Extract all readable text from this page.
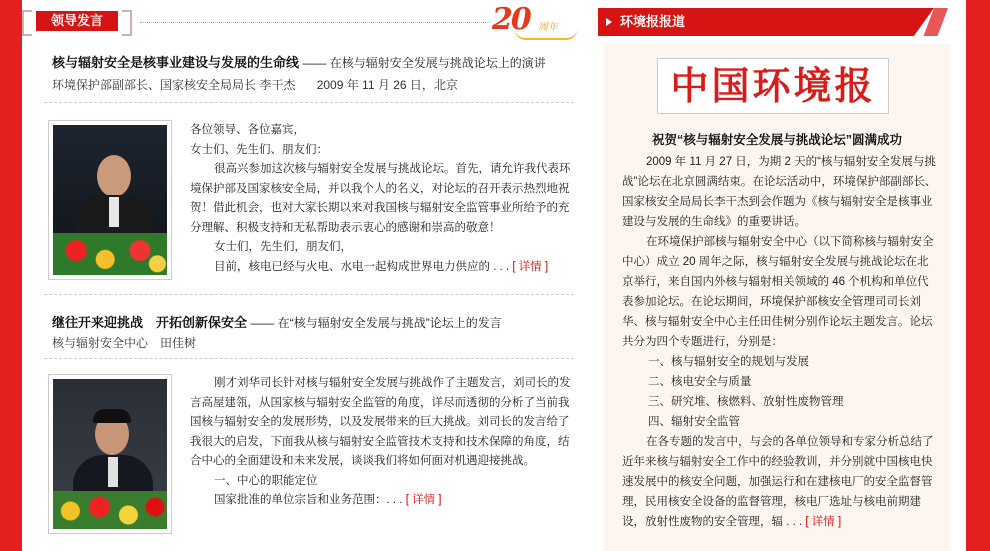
领导发言	20 周年
核与辐射安全是核事业建设与发展的生命线 —— 在核与辐射安全发展与挑战论坛上的演讲
环境保护部副部长、国家核安全局局长 李干杰 2009 年 11 月 26 日，北京

各位领导、各位嘉宾，

女士们、先生们、朋友们：

很高兴参加这次核与辐射安全发展与挑战论坛。首先，请允许我代表环境保护部及国家核安全局，并以我个人的名义，对论坛的召开表示热烈地祝贺！借此机会，也对大家长期以来对我国核与辐射安全监管事业所给予的充分理解、积极支持和无私帮助表示衷心的感谢和崇高的敬意！

女士们，先生们，朋友们，

目前，核电已经与火电、水电一起构成世界电力供应的 . . . [ 详情 ]

继往开来迎挑战　开拓创新保安全 —— 在“核与辐射安全发展与挑战”论坛上的发言
核与辐射安全中心　田佳树

刚才刘华司长针对核与辐射安全发展与挑战作了主题发言，刘司长的发言高屋建瓴，从国家核与辐射安全监管的角度，详尽而透彻的分析了当前我国核与辐射安全的发展形势，以及发展带来的巨大挑战。刘司长的发言给了我很大的启发，下面我从核与辐射安全监管技术支持和技术保障的角度，结合中心的全面建设和未来发展，谈谈我们将如何面对机遇迎接挑战。

一、中心的职能定位

国家批准的单位宗旨和业务范围：. . . [ 详情 ]

环境报报道
中国环境报
祝贺“核与辐射安全发展与挑战论坛”圆满成功

2009 年 11 月 27 日，为期 2 天的“核与辐射安全发展与挑战”论坛在北京圆满结束。在论坛活动中，环境保护部副部长、国家核安全局局长李干杰到会作题为《核与辐射安全是核事业建设与发展的生命线》的重要讲话。

在环境保护部核与辐射安全中心（以下简称核与辐射安全中心）成立 20 周年之际，核与辐射安全发展与挑战论坛在北京举行，来自国内外核与辐射相关领域的 46 个机构和单位代表参加论坛。在论坛期间，环境保护部核安全管理司司长刘华、核与辐射安全中心主任田佳树分别作论坛主题发言。论坛共分为四个专题进行，分别是：

一、核与辐射安全的规划与发展

二、核电安全与质量

三、研究堆、核燃料、放射性废物管理

四、辐射安全监管

在各专题的发言中，与会的各单位领导和专家分析总结了近年来核与辐射安全工作中的经验教训，并分别就中国核电快速发展中的核安全问题，加强运行和在建核电厂的安全监督管理，民用核安全设备的监督管理，核电厂选址与核电前期建设，放射性废物的安全管理，辐 . . . [ 详情 ]
